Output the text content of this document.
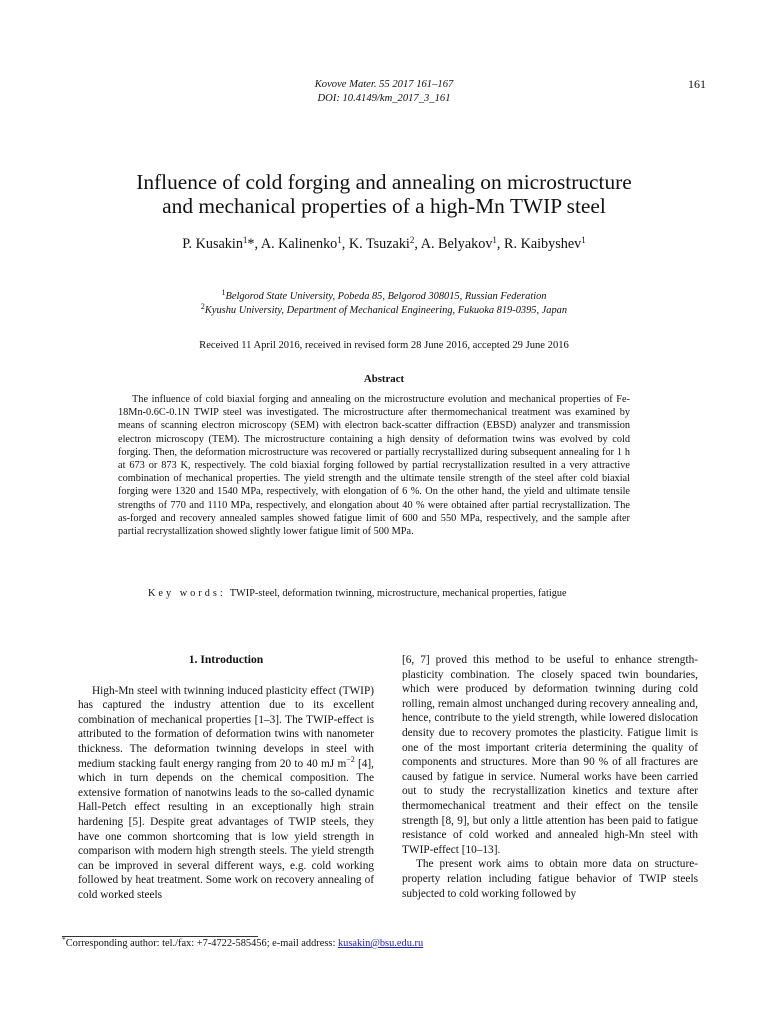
Kovove Mater. 55 2017 161–167
DOI: 10.4149/km_2017_3_161
161
Influence of cold forging and annealing on microstructure
and mechanical properties of a high-Mn TWIP steel
P. Kusakin$^1$*, A. Kalinenko$^1$, K. Tsuzaki$^2$, A. Belyakov$^1$, R. Kaibyshev$^1$
$^1$Belgorod State University, Pobeda 85, Belgorod 308015, Russian Federation
$^2$Kyushu University, Department of Mechanical Engineering, Fukuoka 819-0395, Japan
Received 11 April 2016, received in revised form 28 June 2016, accepted 29 June 2016
Abstract

The influence of cold biaxial forging and annealing on the microstructure evolution and mechanical properties of Fe-18Mn-0.6C-0.1N TWIP steel was investigated. The microstructure after thermomechanical treatment was examined by means of scanning electron microscopy (SEM) with electron back-scatter diffraction (EBSD) analyzer and transmission electron microscopy (TEM). The microstructure containing a high density of deformation twins was evolved by cold forging. Then, the deformation microstructure was recovered or partially recrystallized during subsequent annealing for 1 h at 673 or 873 K, respectively. The cold biaxial forging followed by partial recrystallization resulted in a very attractive combination of mechanical properties. The yield strength and the ultimate tensile strength of the steel after cold biaxial forging were 1320 and 1540 MPa, respectively, with elongation of 6 %. On the other hand, the yield and ultimate tensile strengths of 770 and 1110 MPa, respectively, and elongation about 40 % were obtained after partial recrystallization. The as-forged and recovery annealed samples showed fatigue limit of 600 and 550 MPa, respectively, and the sample after partial recrystallization showed slightly lower fatigue limit of 500 MPa.

Key words: TWIP-steel, deformation twinning, microstructure, mechanical properties, fatigue

1. Introduction

High-Mn steel with twinning induced plasticity effect (TWIP) has captured the industry attention due to its excellent combination of mechanical properties [1–3]. The TWIP-effect is attributed to the formation of deformation twins with nanometer thickness. The deformation twinning develops in steel with medium stacking fault energy ranging from 20 to 40 mJ $m^{-2}$ [4], which in turn depends on the chemical composition. The extensive formation of nanotwins leads to the so-called dynamic Hall-Petch effect resulting in an exceptionally high strain hardening [5]. Despite great advantages of TWIP steels, they have one common shortcoming that is low yield strength in comparison with modern high strength steels. The yield strength can be improved in several different ways, e.g. cold working followed by heat treatment. Some work on recovery annealing of cold worked steels

[6, 7] proved this method to be useful to enhance strength-plasticity combination. The closely spaced twin boundaries, which were produced by deformation twinning during cold rolling, remain almost unchanged during recovery annealing and, hence, contribute to the yield strength, while lowered dislocation density due to recovery promotes the plasticity. Fatigue limit is one of the most important criteria determining the quality of components and structures. More than 90 % of all fractures are caused by fatigue in service. Numeral works have been carried out to study the recrystallization kinetics and texture after thermomechanical treatment and their effect on the tensile strength [8, 9], but only a little attention has been paid to fatigue resistance of cold worked and annealed high-Mn steel with TWIP-effect [10–13].

The present work aims to obtain more data on structure-property relation including fatigue behavior of TWIP steels subjected to cold working followed by

*Corresponding author: tel./fax: +7-4722-585456; e-mail address: kusakin@bsu.edu.ru
